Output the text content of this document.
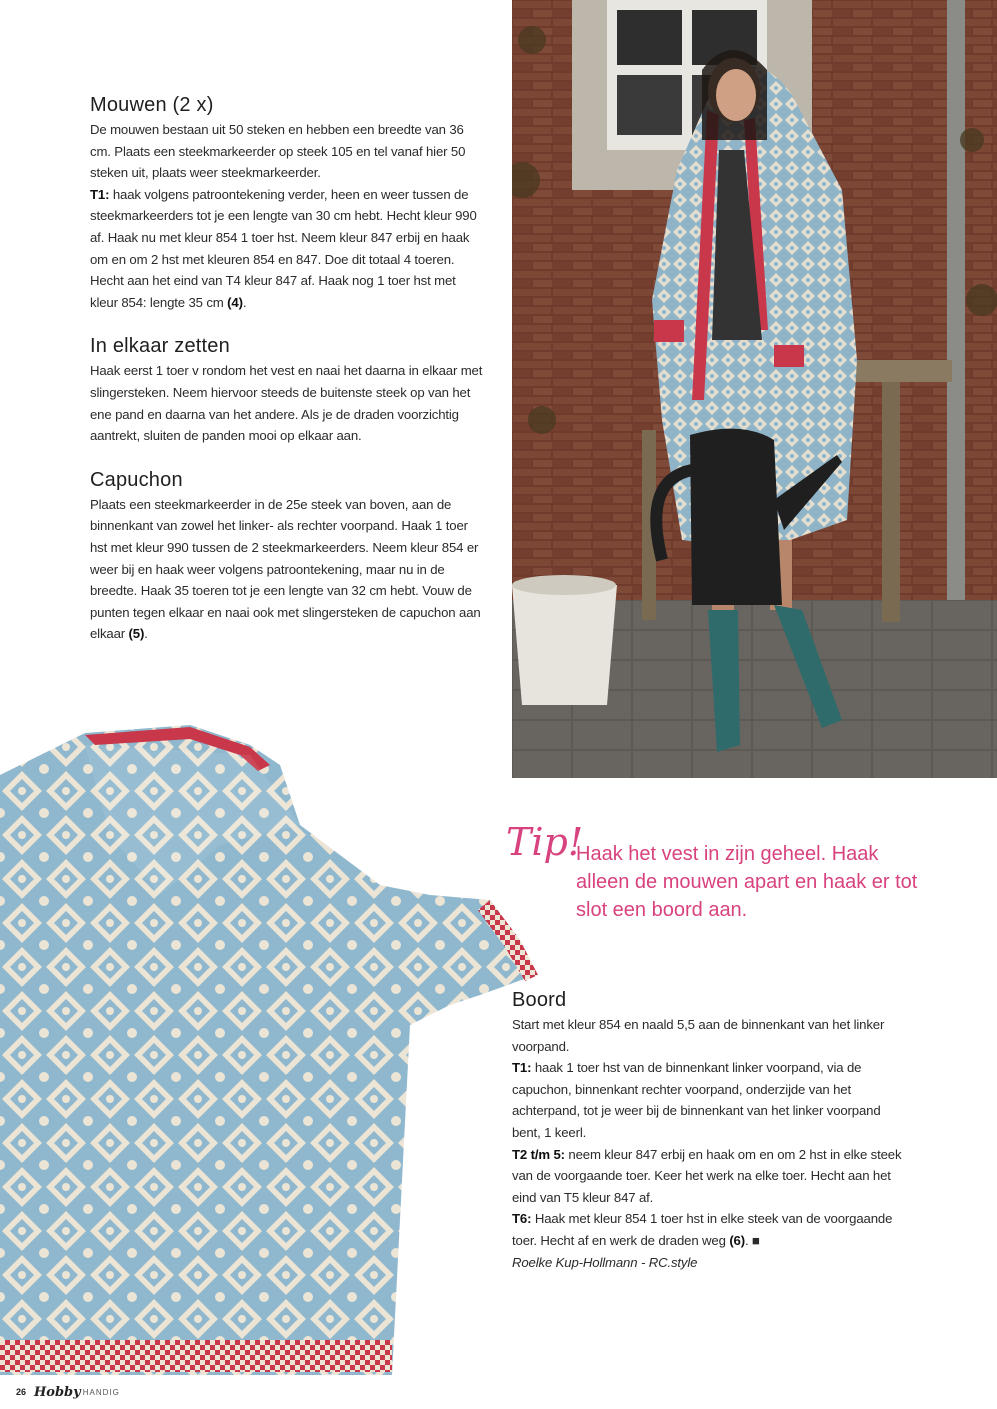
Mouwen (2 x)

De mouwen bestaan uit 50 steken en hebben een breedte van 36 cm. Plaats een steekmarkeerder op steek 105 en tel vanaf hier 50 steken uit, plaats weer steekmarkeerder.

T1: haak volgens patroontekening verder, heen en weer tussen de steekmarkeerders tot je een lengte van 30 cm hebt. Hecht kleur 990 af. Haak nu met kleur 854 1 toer hst. Neem kleur 847 erbij en haak om en om 2 hst met kleuren 854 en 847. Doe dit totaal 4 toeren. Hecht aan het eind van T4 kleur 847 af. Haak nog 1 toer hst met kleur 854: lengte 35 cm (4).

In elkaar zetten

Haak eerst 1 toer v rondom het vest en naai het daarna in elkaar met slingersteken. Neem hiervoor steeds de buitenste steek op van het ene pand en daarna van het andere. Als je de draden voorzichtig aantrekt, sluiten de panden mooi op elkaar aan.

Capuchon

Plaats een steekmarkeerder in de 25e steek van boven, aan de binnenkant van zowel het linker- als rechter voorpand. Haak 1 toer hst met kleur 990 tussen de 2 steekmarkeerders. Neem kleur 854 er weer bij en haak weer volgens patroontekening, maar nu in de breedte. Haak 35 toeren tot je een lengte van 32 cm hebt. Vouw de punten tegen elkaar en naai ook met slingersteken de capuchon aan elkaar (5).

Tip!
Haak het vest in zijn geheel. Haak alleen de mouwen apart en haak er tot slot een boord aan.
Boord

Start met kleur 854 en naald 5,5 aan de binnenkant van het linker voorpand.

T1: haak 1 toer hst van de binnenkant linker voorpand, via de capuchon, binnenkant rechter voorpand, onderzijde van het achterpand, tot je weer bij de binnenkant van het linker voorpand bent, 1 keerl.

T2 t/m 5: neem kleur 847 erbij en haak om en om 2 hst in elke steek van de voorgaande toer. Keer het werk na elke toer. Hecht aan het eind van T5 kleur 847 af.

T6: Haak met kleur 854 1 toer hst in elke steek van de voorgaande toer. Hecht af en werk de draden weg (6). ■

Roelke Kup-Hollmann - RC.style

26 Hobby HANDIG
